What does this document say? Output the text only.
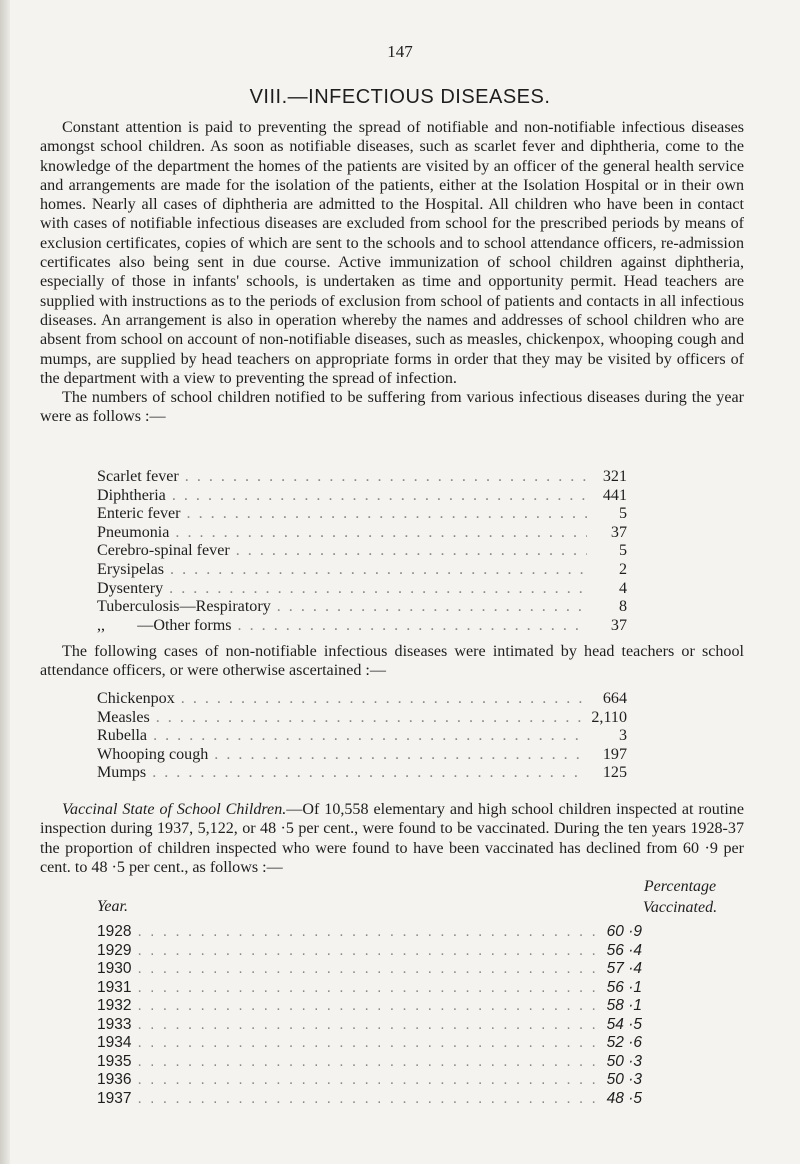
147
VIII.—INFECTIOUS DISEASES.

Constant attention is paid to preventing the spread of notifiable and non-notifiable infectious diseases amongst school children. As soon as notifiable diseases, such as scarlet fever and diphtheria, come to the knowledge of the department the homes of the patients are visited by an officer of the general health service and arrangements are made for the isolation of the patients, either at the Isolation Hospital or in their own homes. Nearly all cases of diphtheria are admitted to the Hospital. All children who have been in contact with cases of notifiable infectious diseases are excluded from school for the prescribed periods by means of exclusion certificates, copies of which are sent to the schools and to school attendance officers, re-admission certificates also being sent in due course. Active immunization of school children against diphtheria, especially of those in infants' schools, is undertaken as time and opportunity permit. Head teachers are supplied with instructions as to the periods of exclusion from school of patients and contacts in all infectious diseases. An arrangement is also in operation whereby the names and addresses of school children who are absent from school on account of non-notifiable diseases, such as measles, chickenpox, whooping cough and mumps, are supplied by head teachers on appropriate forms in order that they may be visited by officers of the department with a view to preventing the spread of infection.

The numbers of school children notified to be suffering from various infectious diseases during the year were as follows :—

Scarlet fever . . .	321
Diphtheria . . .	441
Enteric fever . . .	5
Pneumonia . . .	37
Cerebro-spinal fever . . .	5
Erysipelas . . .	2
Dysentery . . .	4
Tuberculosis—Respiratory . . .	8
,,        —Other forms . . .	37

The following cases of non-notifiable infectious diseases were intimated by head teachers or school attendance officers, or were otherwise ascertained :—

Chickenpox . . .	664
Measles . . .	2,110
Rubella . . .	3
Whooping cough . . .	197
Mumps . . .	125

Vaccinal State of School Children.—Of 10,558 elementary and high school children inspected at routine inspection during 1937, 5,122, or 48 ·5 per cent., were found to be vaccinated. During the ten years 1928-37 the proportion of children inspected who were found to have been vaccinated has declined from 60 ·9 per cent. to 48 ·5 per cent., as follows :—

Percentage
Vaccinated.
Year.
1928 . . .	60 ·9
1929 . . .	56 ·4
1930 . . .	57 ·4
1931 . . .	56 ·1
1932 . . .	58 ·1
1933 . . .	54 ·5
1934 . . .	52 ·6
1935 . . .	50 ·3
1936 . . .	50 ·3
1937 . . .	48 ·5
